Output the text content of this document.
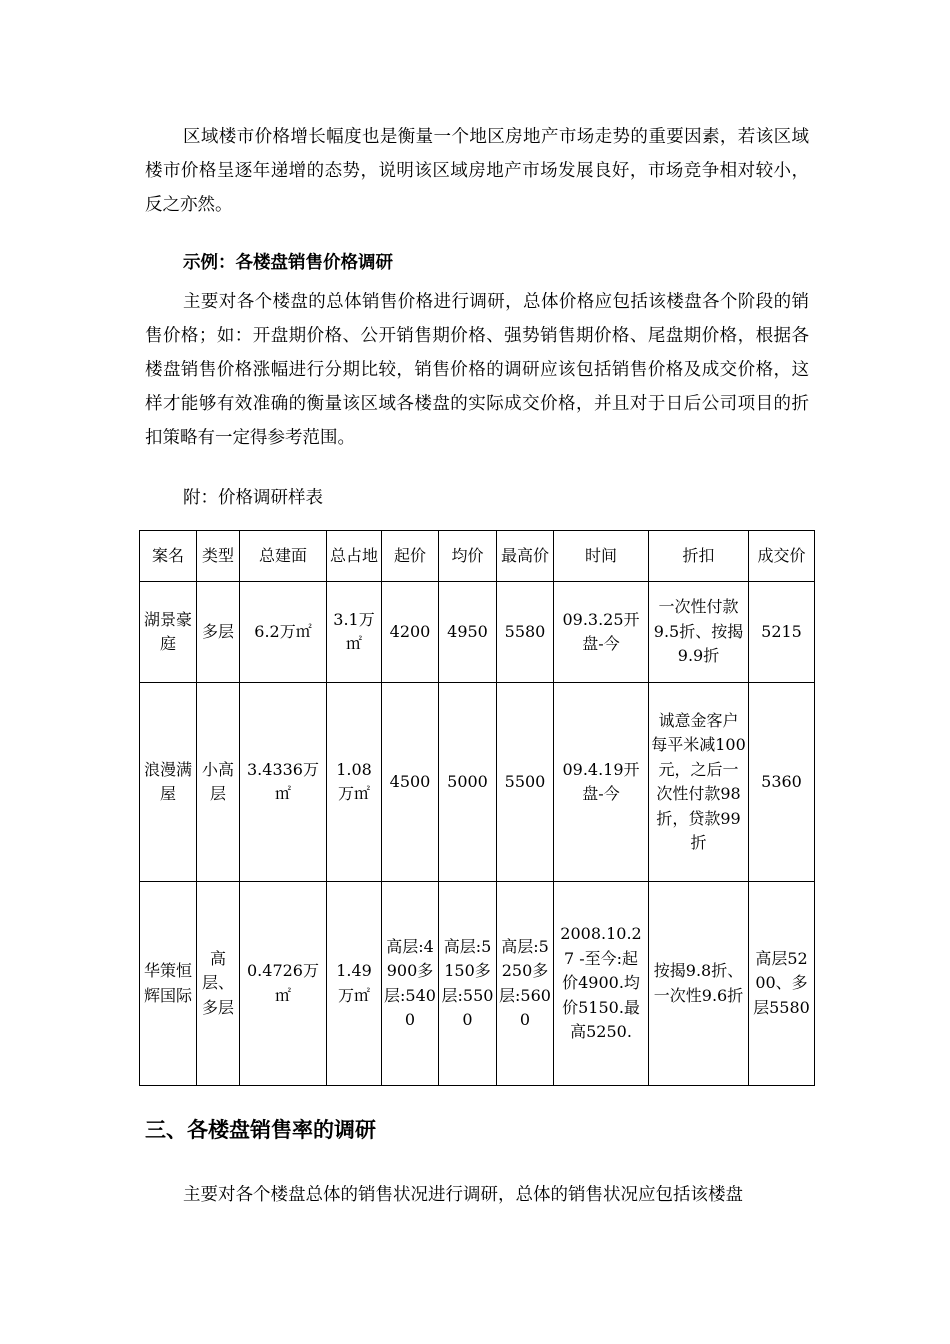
区域楼市价格增长幅度也是衡量一个地区房地产市场走势的重要因素，若该区域楼市价格呈逐年递增的态势，说明该区域房地产市场发展良好，市场竞争相对较小，反之亦然。

示例：各楼盘销售价格调研

主要对各个楼盘的总体销售价格进行调研，总体价格应包括该楼盘各个阶段的销售价格；如：开盘期价格、公开销售期价格、强势销售期价格、尾盘期价格，根据各楼盘销售价格涨幅进行分期比较，销售价格的调研应该包括销售价格及成交价格，这样才能够有效准确的衡量该区域各楼盘的实际成交价格，并且对于日后公司项目的折扣策略有一定得参考范围。

附：价格调研样表

案名	类型	总建面	总占地	起价	均价	最高价	时间	折扣	成交价
湖景豪庭	多层	6.2万㎡	3.1万㎡	4200	4950	5580	09.3.25开盘-今	一次性付款9.5折、按揭9.9折	5215
浪漫满屋	小高层	3.4336万㎡	1.08万㎡	4500	5000	5500	09.4.19开盘-今	诚意金客户每平米减100元，之后一次性付款98折，贷款99折	5360
华策恒辉国际	高层、多层	0.4726万㎡	1.49万㎡	高层:4900多层:5400	高层:5150多层:5500	高层:5250多层:5600	2008.10.27 -至今:起价4900.均价5150.最高5250.	按揭9.8折、一次性9.6折	高层5200、多层5580

三、各楼盘销售率的调研

主要对各个楼盘总体的销售状况进行调研，总体的销售状况应包括该楼盘
